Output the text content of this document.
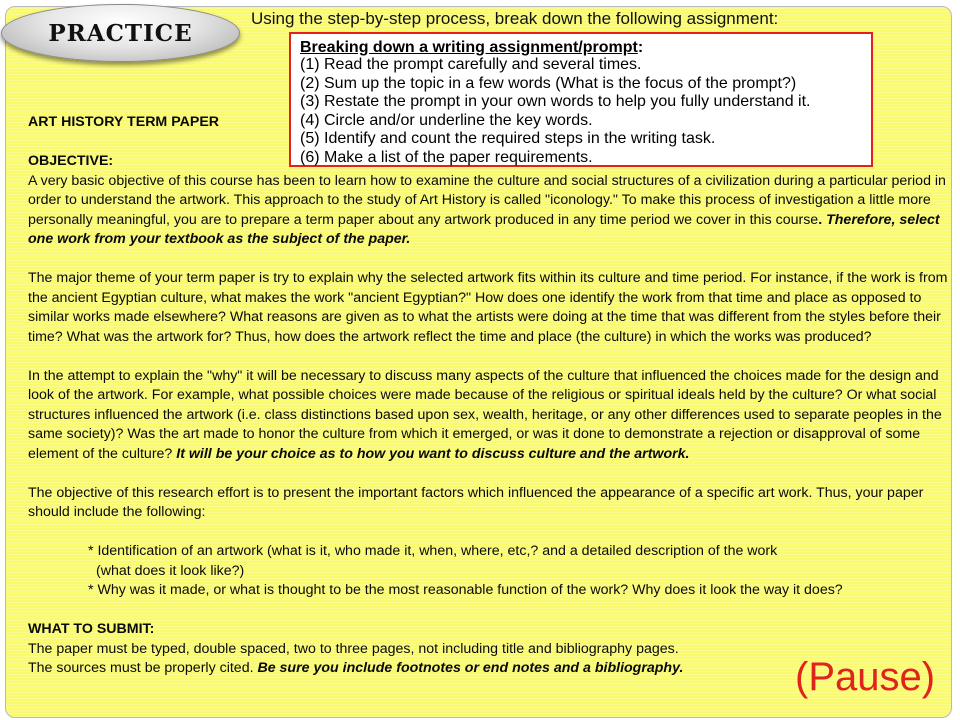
PRACTICE
Using the step-by-step process, break down the following assignment:
Breaking down a writing assignment/prompt:
(1) Read the prompt carefully and several times.
(2) Sum up the topic in a few words (What is the focus of the prompt?)
(3) Restate the prompt in your own words to help you fully understand it.
(4) Circle and/or underline the key words.
(5) Identify and count the required steps in the writing task.
(6) Make a list of the paper requirements.

ART HISTORY TERM PAPER

OBJECTIVE:

A very basic objective of this course has been to learn how to examine the culture and social structures of a civilization during a particular period in order to understand the artwork. This approach to the study of Art History is called "iconology." To make this process of investigation a little more personally meaningful, you are to prepare a term paper about any artwork produced in any time period we cover in this course. Therefore, select one work from your textbook as the subject of the paper.

The major theme of your term paper is try to explain why the selected artwork fits within its culture and time period. For instance, if the work is from the ancient Egyptian culture, what makes the work "ancient Egyptian?" How does one identify the work from that time and place as opposed to similar works made elsewhere? What reasons are given as to what the artists were doing at the time that was different from the styles before their time? What was the artwork for? Thus, how does the artwork reflect the time and place (the culture) in which the works was produced?

In the attempt to explain the "why" it will be necessary to discuss many aspects of the culture that influenced the choices made for the design and look of the artwork. For example, what possible choices were made because of the religious or spiritual ideals held by the culture? Or what social structures influenced the artwork (i.e. class distinctions based upon sex, wealth, heritage, or any other differences used to separate peoples in the same society)? Was the art made to honor the culture from which it emerged, or was it done to demonstrate a rejection or disapproval of some element of the culture? It will be your choice as to how you want to discuss culture and the artwork.

The objective of this research effort is to present the important factors which influenced the appearance of a specific art work. Thus, your paper should include the following:

* Identification of an artwork (what is it, who made it, when, where, etc,? and a detailed description of the work

(what does it look like?)

* Why was it made, or what is thought to be the most reasonable function of the work? Why does it look the way it does?

WHAT TO SUBMIT:

The paper must be typed, double spaced, two to three pages, not including title and bibliography pages.

The sources must be properly cited. Be sure you include footnotes or end notes and a bibliography.	(Pause)
